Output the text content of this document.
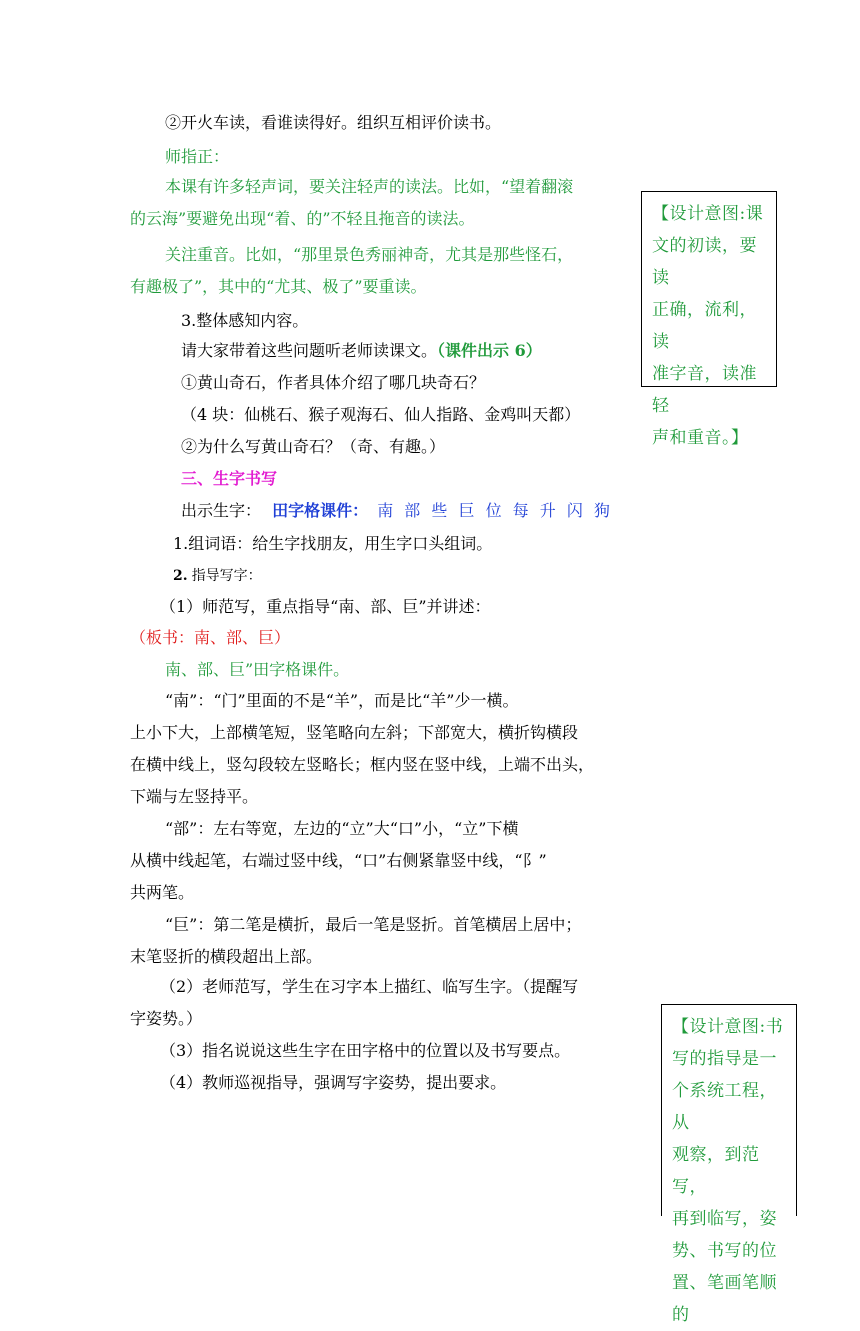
②开火车读，看谁读得好。组织互相评价读书。
师指正：
本课有许多轻声词，要关注轻声的读法。比如，“望着翻滚
的云海”要避免出现“着、的”不轻且拖音的读法。
关注重音。比如，“那里景色秀丽神奇，尤其是那些怪石，
有趣极了”，其中的“尤其、极了”要重读。
3.整体感知内容。
请大家带着这些问题听老师读课文。（课件出示 6）
①黄山奇石，作者具体介绍了哪几块奇石？
（4 块：仙桃石、猴子观海石、仙人指路、金鸡叫天都）
②为什么写黄山奇石？（奇、有趣。）
三、生字书写
出示生字： 田字格课件： 南 部 些 巨 位 每 升 闪 狗
1.组词语：给生字找朋友，用生字口头组词。
2. 指导写字：
（1）师范写，重点指导“南、部、巨”并讲述：
（板书：南、部、巨）
南、部、巨”田字格课件。
“南”：“门”里面的不是“羊”，而是比“羊”少一横。
上小下大，上部横笔短，竖笔略向左斜；下部宽大，横折钩横段
在横中线上，竖勾段较左竖略长；框内竖在竖中线，上端不出头，
下端与左竖持平。
“部”：左右等宽，左边的“立”大“口”小，“立”下横
从横中线起笔，右端过竖中线，“口”右侧紧靠竖中线，“阝”
共两笔。
“巨”：第二笔是横折，最后一笔是竖折。首笔横居上居中；
末笔竖折的横段超出上部。
（2）老师范写，学生在习字本上描红、临写生字。（提醒写
字姿势。）
（3）指名说说这些生字在田字格中的位置以及书写要点。
（4）教师巡视指导，强调写字姿势，提出要求。
【设计意图:课
文的初读，要读
正确，流利，读
准字音，读准轻
声和重音。】
【设计意图:书
写的指导是一
个系统工程，从
观察，到范写，
再到临写，姿
势、书写的位
置、笔画笔顺的
